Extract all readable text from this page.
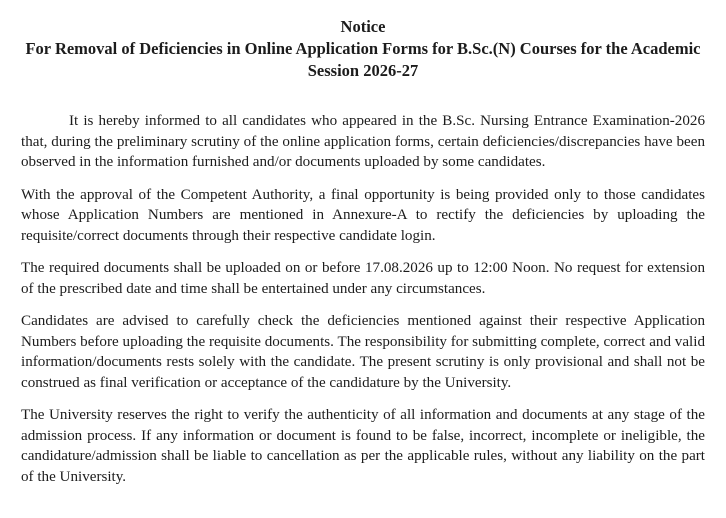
Notice
For Removal of Deficiencies in Online Application Forms for B.Sc.(N) Courses for the Academic Session 2026-27

It is hereby informed to all candidates who appeared in the B.Sc. Nursing Entrance Examination-2026 that, during the preliminary scrutiny of the online application forms, certain deficiencies/discrepancies have been observed in the information furnished and/or documents uploaded by some candidates.

With the approval of the Competent Authority, a final opportunity is being provided only to those candidates whose Application Numbers are mentioned in Annexure-A to rectify the deficiencies by uploading the requisite/correct documents through their respective candidate login.

The required documents shall be uploaded on or before 17.08.2026 up to 12:00 Noon. No request for extension of the prescribed date and time shall be entertained under any circumstances.

Candidates are advised to carefully check the deficiencies mentioned against their respective Application Numbers before uploading the requisite documents. The responsibility for submitting complete, correct and valid information/documents rests solely with the candidate. The present scrutiny is only provisional and shall not be construed as final verification or acceptance of the candidature by the University.

The University reserves the right to verify the authenticity of all information and documents at any stage of the admission process. If any information or document is found to be false, incorrect, incomplete or ineligible, the candidature/admission shall be liable to cancellation as per the applicable rules, without any liability on the part of the University.
